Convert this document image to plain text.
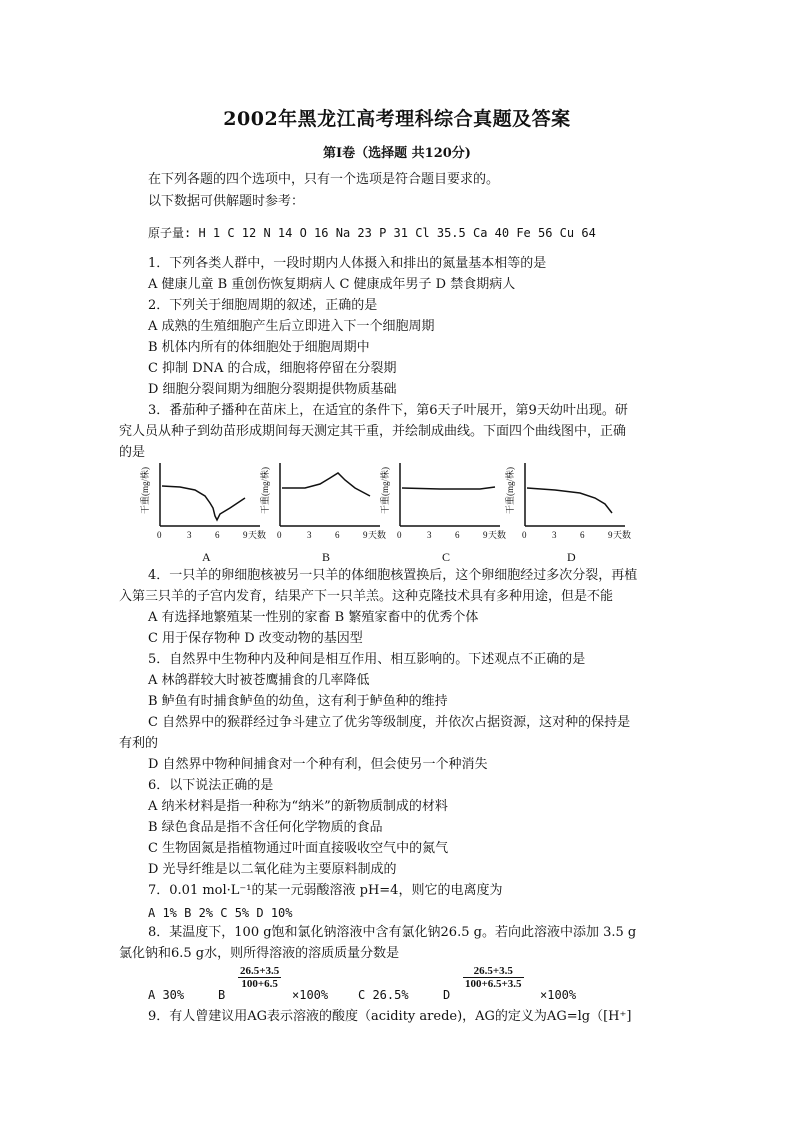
2002年黑龙江高考理科综合真题及答案
第Ⅰ卷（选择题 共120分)
在下列各题的四个选项中，只有一个选项是符合题目要求的。
以下数据可供解题时参考：
原子量: H 1 C 12 N 14 O 16 Na 23 P 31 Cl 35.5 Ca 40 Fe 56 Cu 64
1．下列各类人群中，一段时期内人体摄入和排出的氮量基本相等的是
A 健康儿童 B 重创伤恢复期病人 C 健康成年男子 D 禁食期病人
2．下列关于细胞周期的叙述，正确的是
A 成熟的生殖细胞产生后立即进入下一个细胞周期
B 机体内所有的体细胞处于细胞周期中
C 抑制 DNA 的合成，细胞将停留在分裂期
D 细胞分裂间期为细胞分裂期提供物质基础
3．番茄种子播种在苗床上，在适宜的条件下，第6天子叶展开，第9天幼叶出现。研
究人员从种子到幼苗形成期间每天测定其干重，并绘制成曲线。下面四个曲线图中，正确
的是
干重(mg/株)
0	3	6	9 天数
A
干重(mg/株)
0	3	6	9 天数
B
干重(mg/株)
0	3	6	9 天数
C
干重(mg/株)
0	3	6	9 天数
D
4．一只羊的卵细胞核被另一只羊的体细胞核置换后，这个卵细胞经过多次分裂，再植
入第三只羊的子宫内发育，结果产下一只羊羔。这种克隆技术具有多种用途，但是不能
A 有选择地繁殖某一性别的家畜 B 繁殖家畜中的优秀个体
C 用于保存物种 D 改变动物的基因型
5．自然界中生物种内及种间是相互作用、相互影响的。下述观点不正确的是
A 林鸽群较大时被苍鹰捕食的几率降低
B 鲈鱼有时捕食鲈鱼的幼鱼，这有利于鲈鱼种的维持
C 自然界中的猴群经过争斗建立了优劣等级制度，并依次占据资源，这对种的保持是
有利的
D 自然界中物种间捕食对一个种有利，但会使另一个种消失
6．以下说法正确的是
A 纳米材料是指一种称为“纳米”的新物质制成的材料
B 绿色食品是指不含任何化学物质的食品
C 生物固氮是指植物通过叶面直接吸收空气中的氮气
D 光导纤维是以二氧化硅为主要原料制成的
7．0.01 mol·L⁻¹的某一元弱酸溶液 pH=4，则它的电离度为
A 1% B 2% C 5% D 10%
8．某温度下，100 g饱和氯化钠溶液中含有氯化钠26.5 g。若向此溶液中添加 3.5 g
氯化钠和6.5 g水，则所得溶液的溶质质量分数是
A 30%	B
$\frac{26.5+3.5}{100+6.5}$
×100% C 26.5%	D
$\frac{26.5+3.5}{100+6.5+3.5}$
×100%
9．有人曾建议用AG表示溶液的酸度（acidity arede)，AG的定义为AG=lg（[H⁺]
